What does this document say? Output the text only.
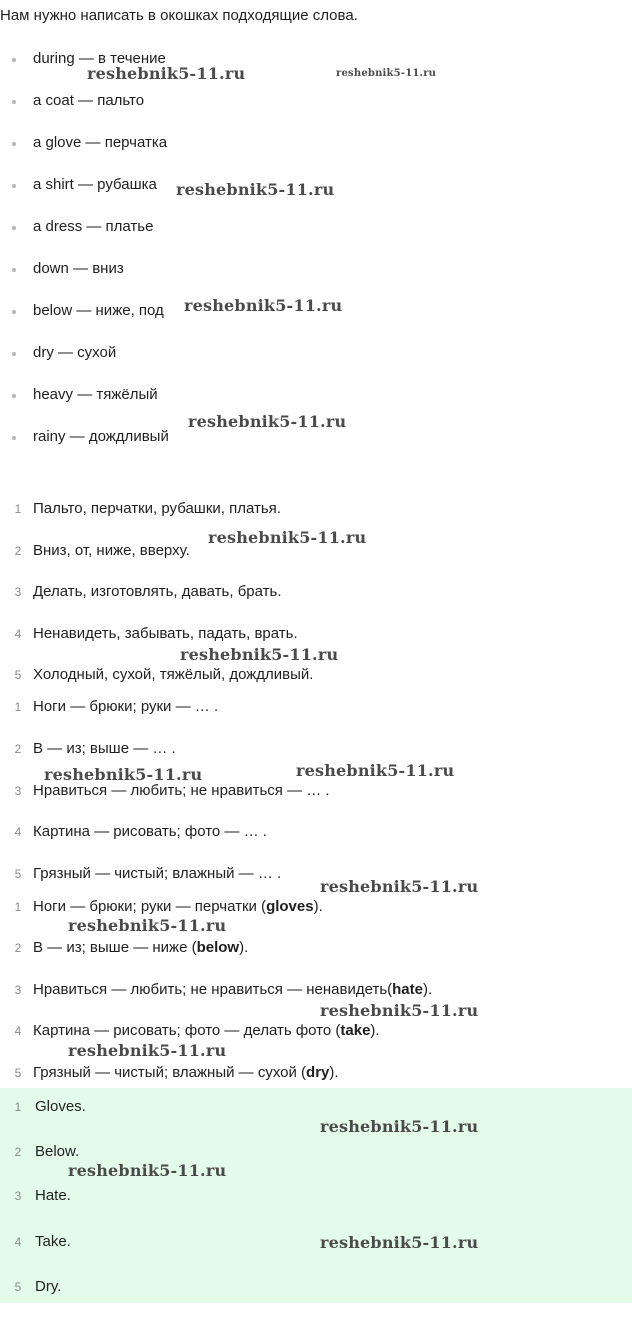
Нам нужно написать в окошках подходящие слова.
during — в течение
a coat — пальто
a glove — перчатка
a shirt — рубашка
a dress — платье
down — вниз
below — ниже, под
dry — сухой
heavy — тяжёлый
rainy — дождливый
1 Пальто, перчатки, рубашки, платья.
2 Вниз, от, ниже, вверху.
3 Делать, изготовлять, давать, брать.
4 Ненавидеть, забывать, падать, врать.
5 Холодный, сухой, тяжёлый, дождливый.
1 Ноги — брюки; руки — … .
2 В — из; выше — … .
3 Нравиться — любить; не нравиться — … .
4 Картина — рисовать; фото — … .
5 Грязный — чистый; влажный — … .
1 Ноги — брюки; руки — перчатки (gloves).
2 В — из; выше — ниже (below).
3 Нравиться — любить; не нравиться — ненавидеть(hate).
4 Картина — рисовать; фото — делать фото (take).
5 Грязный — чистый; влажный — сухой (dry).
1 Gloves.
2 Below.
3 Hate.
4 Take.
5 Dry.
reshebnik5-11.ru	reshebnik5-11.ru
reshebnik5-11.ru
reshebnik5-11.ru
reshebnik5-11.ru
reshebnik5-11.ru
reshebnik5-11.ru
reshebnik5-11.ru	reshebnik5-11.ru
reshebnik5-11.ru
reshebnik5-11.ru
reshebnik5-11.ru
reshebnik5-11.ru
reshebnik5-11.ru
reshebnik5-11.ru
reshebnik5-11.ru
